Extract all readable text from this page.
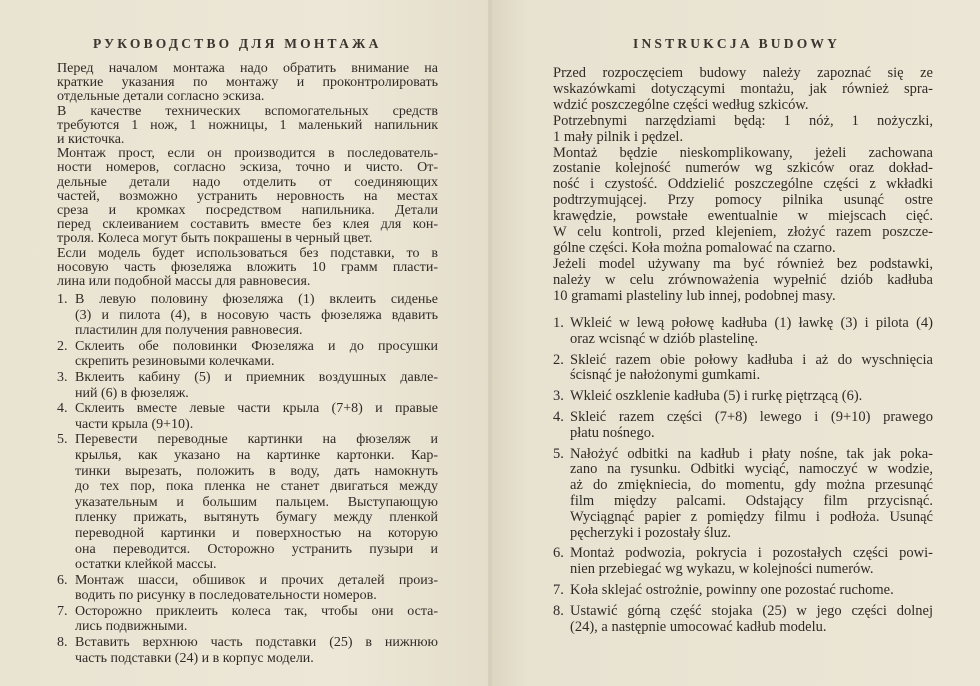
РУКОВОДСТВО ДЛЯ МОНТАЖА
Перед началом монтажа надо обратить внимание на
краткие указания по монтажу и проконтролировать
отдельные детали согласно эскиза.
В качестве технических вспомогательных средств
требуются 1 нож, 1 ножницы, 1 маленький напильник
и кисточка.
Монтаж прост, если он производится в последователь-
ности номеров, согласно эскиза, точно и чисто. От-
дельные детали надо отделить от соединяющих
частей, возможно устранить неровность на местах
среза и кромках посредством напильника. Детали
перед склеиванием составить вместе без клея для кон-
троля. Колеса могут быть покрашены в черный цвет.
Если модель будет использоваться без подставки, то в
носовую часть фюзеляжа вложить 10 грамм пласти-
лина или подобной массы для равновесия.
1. В левую половину фюзеляжа (1) вклеить сиденье
(3) и пилота (4), в носовую часть фюзеляжа вдавить
пластилин для получения равновесия.
2. Склеить обе половинки Фюзеляжа и до просушки
скрепить резиновыми колечками.
3. Вклеить кабину (5) и приемник воздушных давле-
ний (6) в фюзеляж.
4. Склеить вместе левые части крыла (7+8) и правые
части крыла (9+10).
5. Перевести переводные картинки на фюзеляж и
крылья, как указано на картинке картонки. Кар-
тинки вырезать, положить в воду, дать намокнуть
до тех пор, пока пленка не станет двигаться между
указательным и большим пальцем. Выступающую
пленку прижать, вытянуть бумагу между пленкой
переводной картинки и поверхностью на которую
она переводится. Осторожно устранить пузыри и
остатки клейкой массы.
6. Монтаж шасси, обшивок и прочих деталей произ-
водить по рисунку в последовательности номеров.
7. Осторожно приклеить колеса так, чтобы они оста-
лись подвижными.
8. Вставить верхнюю часть подставки (25) в нижнюю
часть подставки (24) и в корпус модели.
INSTRUKCJA BUDOWY
Przed rozpoczęciem budowy należy zapoznać się ze
wskazówkami dotyczącymi montażu, jak również spra-
wdzić poszczególne części według szkiców.
Potrzebnymi narzędziami będą: 1 nóż, 1 nożyczki,
1 mały pilnik i pędzel.
Montaż będzie nieskomplikowany, jeżeli zachowana
zostanie kolejność numerów wg szkiców oraz dokład-
ność i czystość. Oddzielić poszczególne części z wkładki
podtrzymującej. Przy pomocy pilnika usunąć ostre
krawędzie, powstałe ewentualnie w miejscach cięć.
W celu kontroli, przed klejeniem, złożyć razem poszcze-
gólne części. Koła można pomalować na czarno.
Jeżeli model używany ma być również bez podstawki,
należy w celu zrównoważenia wypełnić dziób kadłuba
10 gramami plasteliny lub innej, podobnej masy.
1. Wkleić w lewą połowę kadłuba (1) ławkę (3) i pilota (4)
oraz wcisnąć w dziób plastelinę.
2. Skleić razem obie połowy kadłuba i aż do wyschnięcia
ścisnąć je nałożonymi gumkami.
3. Wkleić oszklenie kadłuba (5) i rurkę piętrzącą (6).
4. Skleić razem części (7+8) lewego i (9+10) prawego
płatu nośnego.
5. Nałożyć odbitki na kadłub i płaty nośne, tak jak poka-
zano na rysunku. Odbitki wyciąć, namoczyć w wodzie,
aż do zmiękniecia, do momentu, gdy można przesunąć
film między palcami. Odstający film przycisnąć.
Wyciągnąć papier z pomiędzy filmu i podłoża. Usunąć
pęcherzyki i pozostały śluz.
6. Montaż podwozia, pokrycia i pozostałych części powi-
nien przebiegać wg wykazu, w kolejności numerów.
7. Koła sklejać ostrożnie, powinny one pozostać ruchome.
8. Ustawić górną część stojaka (25) w jego części dolnej
(24), a następnie umocować kadłub modelu.
